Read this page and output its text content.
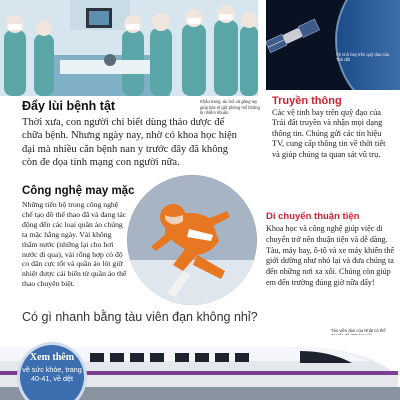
Khẩu trang, áo mổ và găng tay giúp bác sĩ giữ phòng mổ không bị nhiễm khuẩn.
Vệ tinh bay trên quỹ đạo của Trái đất
Đẩy lùi bệnh tật
Thời xưa, con người chỉ biết dùng thảo dược để chữa bệnh. Nhưng ngày nay, nhờ có khoa học hiện đại mà nhiều căn bệnh nan y trước đây đã không còn đe dọa tính mạng con người nữa.
Truyền thông
Các vệ tinh bay trên quỹ đạo của Trái đất truyền và nhận mọi dạng thông tin. Chúng gửi các tín hiệu TV, cung cấp thông tin về thời tiết và giúp chúng ta quan sát vũ trụ.
Công nghệ may mặc
Những tiến bộ trong công nghệ chế tạo đồ thể thao đã và đang tác động đến các loại quần áo chúng ta mặc hằng ngày. Vải không thấm nước (những lại cho hơi nước đi qua), vải rống hợp có độ co dãn cực tốt và quần áo lót giữ nhiệt được cải biến từ quần áo thể thao chuyên biệt.
Di chuyển thuận tiện
Khoa học và công nghệ giúp việc di chuyển trở nên thuận tiện và dễ dàng. Tàu, máy bay, ô-tô và xe máy khiến thế giới dường như nhỏ lại và đưa chúng ta đến những nơi xa xôi. Chúng còn giúp em đến trường đúng giờ nữa đấy!
Có gì nhanh bằng tàu viên đạn không nhỉ?
Tàu viên đạn của Nhật có thể
Xem thêm
về sức khỏe, trang 40-41, về dệt
